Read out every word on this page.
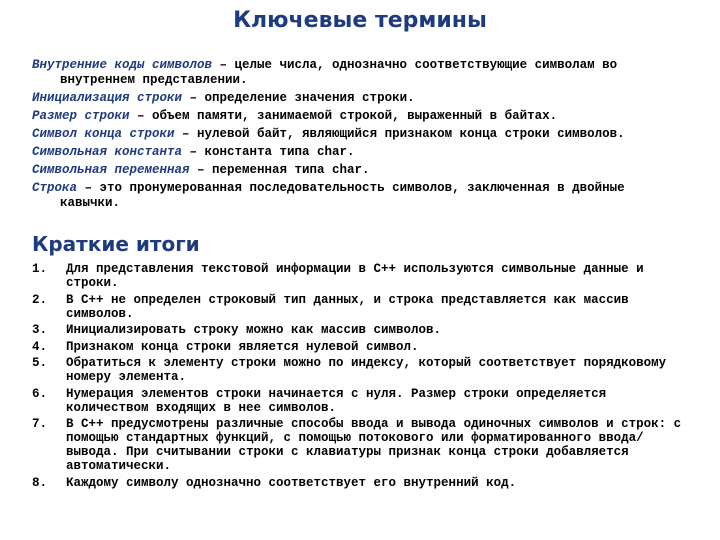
Ключевые термины

Внутренние коды символов – целые числа, однозначно соответствующие символам во внутреннем представлении.

Инициализация строки – определение значения строки.

Размер строки – объем памяти, занимаемой строкой, выраженный в байтах.

Символ конца строки – нулевой байт, являющийся признаком конца строки символов.

Символьная константа – константа типа char.

Символьная переменная – переменная типа char.

Строка – это пронумерованная последовательность символов, заключенная в двойные кавычки.

Краткие итоги
1.	Для представления текстовой информации в С++ используются символьные данные и строки.
2.	В С++ не определен строковый тип данных, и строка представляется как массив символов.
3.	Инициализировать строку можно как массив символов.
4.	Признаком конца строки является нулевой символ.
5.	Обратиться к элементу строки можно по индексу, который соответствует порядковому номеру элемента.
6.	Нумерация элементов строки начинается с нуля. Размер строки определяется количеством входящих в нее символов.
7.	В С++ предусмотрены различные способы ввода и вывода одиночных символов и строк: с помощью стандартных функций, с помощью потокового или форматированного ввода/вывода. При считывании строки с клавиатуры признак конца строки добавляется автоматически.
8.	Каждому символу однозначно соответствует его внутренний код.
